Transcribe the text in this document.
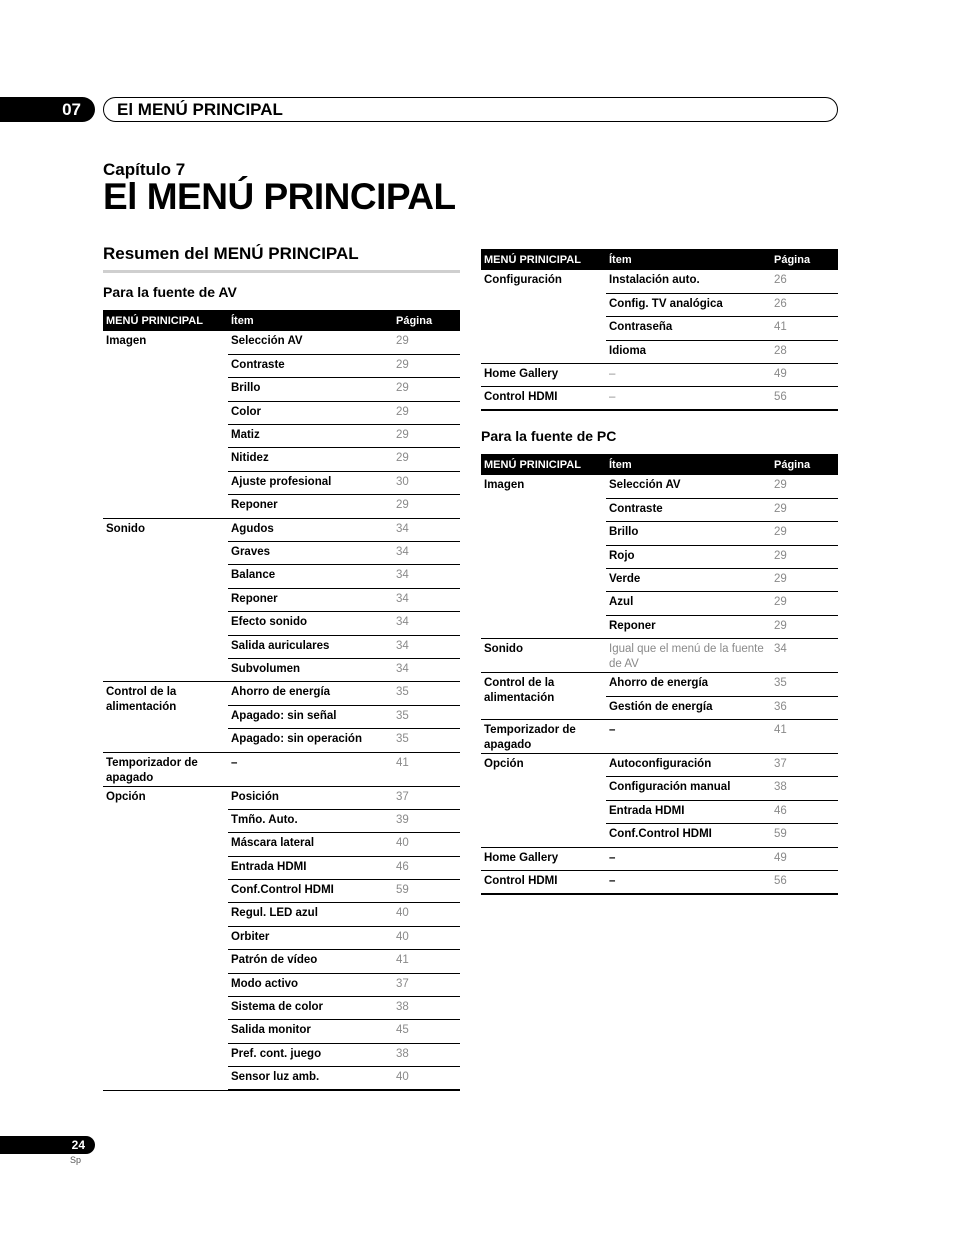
07	El MENÚ PRINCIPAL
Capítulo 7
El MENÚ PRINCIPAL
Resumen del MENÚ PRINCIPAL
Para la fuente de AV
MENÚ PRINICIPAL	Ítem	Página
Imagen	Selección AV	29
	Contraste	29
	Brillo	29
	Color	29
	Matiz	29
	Nitidez	29
	Ajuste profesional	30
	Reponer	29
Sonido	Agudos	34
	Graves	34
	Balance	34
	Reponer	34
	Efecto sonido	34
	Salida auriculares	34
	Subvolumen	34
Control de la alimentación	Ahorro de energía	35
	Apagado: sin señal	35
	Apagado: sin operación	35
Temporizador de apagado	–	41
Opción	Posición	37
	Tmño. Auto.	39
	Máscara lateral	40
	Entrada HDMI	46
	Conf.Control HDMI	59
	Regul. LED azul	40
	Orbiter	40
	Patrón de vídeo	41
	Modo activo	37
	Sistema de color	38
	Salida monitor	45
	Pref. cont. juego	38
	Sensor luz amb.	40
MENÚ PRINICIPAL	Ítem	Página
Configuración	Instalación auto.	26
	Config. TV analógica	26
	Contraseña	41
	Idioma	28
Home Gallery	–	49
Control HDMI	–	56
Para la fuente de PC
MENÚ PRINICIPAL	Ítem	Página
Imagen	Selección AV	29
	Contraste	29
	Brillo	29
	Rojo	29
	Verde	29
	Azul	29
	Reponer	29
Sonido	Igual que el menú de la fuente de AV	34
Control de la alimentación	Ahorro de energía	35
	Gestión de energía	36
Temporizador de apagado	–	41
Opción	Autoconfiguración	37
	Configuración manual	38
	Entrada HDMI	46
	Conf.Control HDMI	59
Home Gallery	–	49
Control HDMI	–	56
24
Sp
